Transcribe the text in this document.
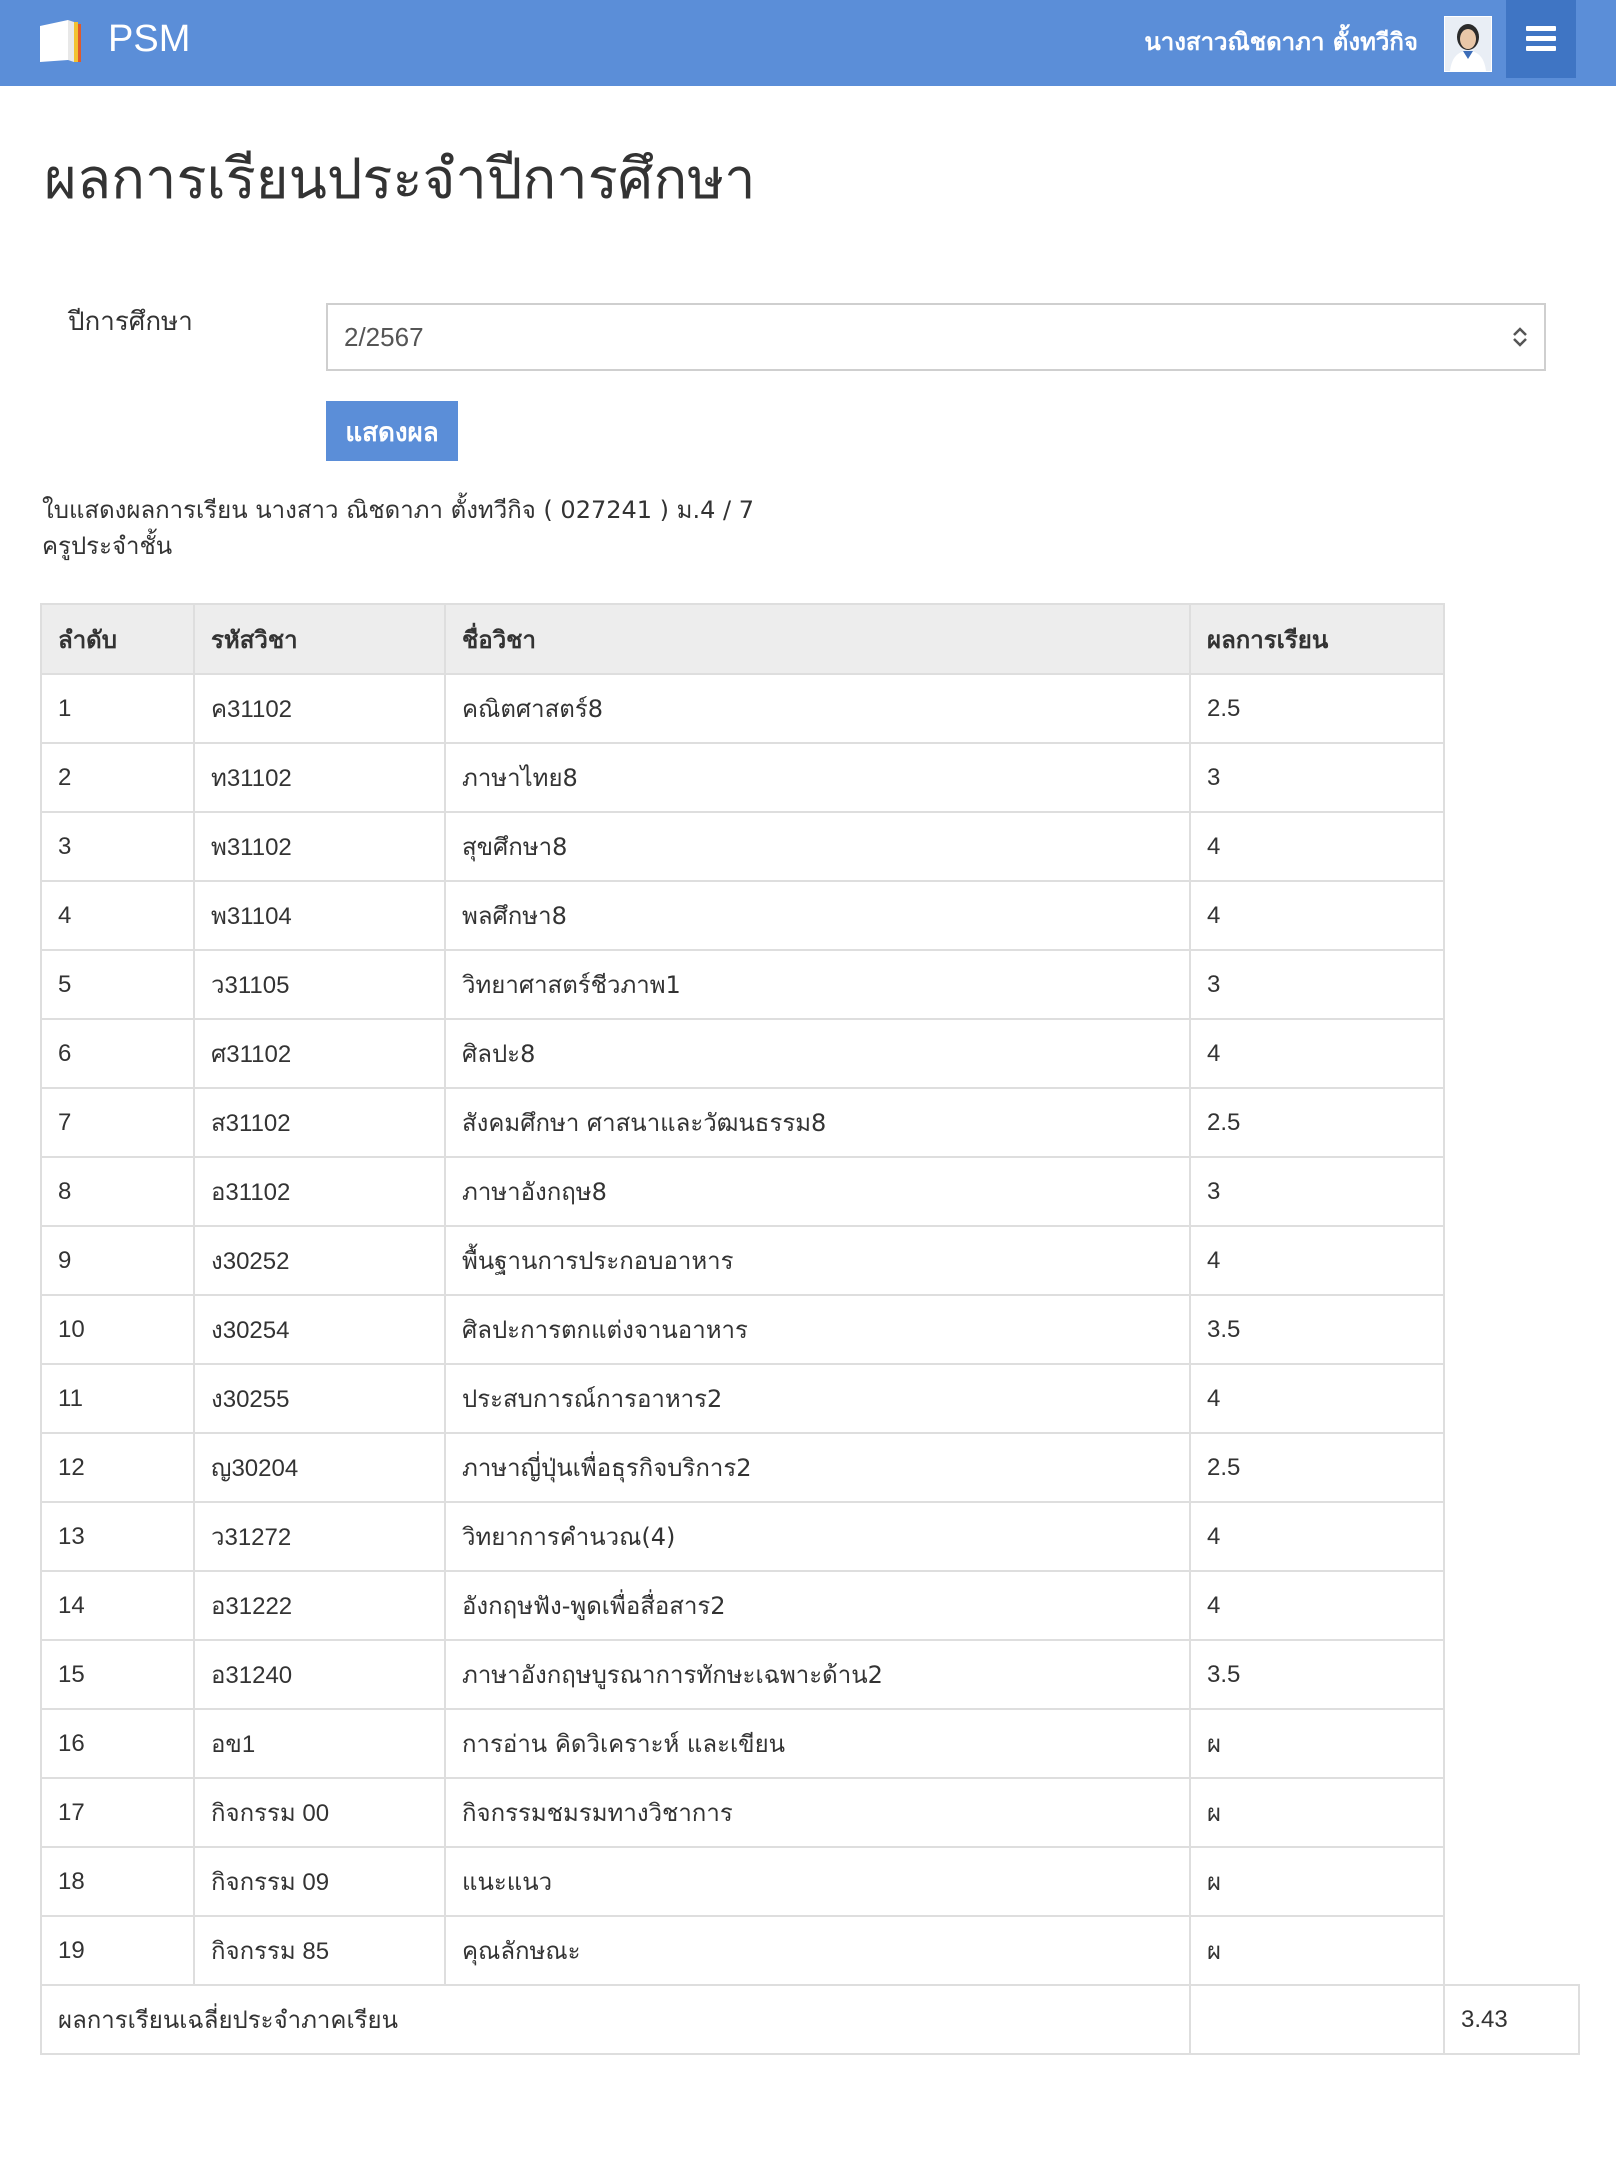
PSM	นางสาวณิชดาภา ตั้งทวีกิจ
ผลการเรียนประจำปีการศึกษา
ปีการศึกษา	2/2567
แสดงผล
ใบแสดงผลการเรียน นางสาว ณิชดาภา ตั้งทวีกิจ ( 027241 ) ม.4 / 7
ครูประจำชั้น
ลำดับ	รหัสวิชา	ชื่อวิชา	ผลการเรียน	
1	ค31102	คณิตศาสตร์8	2.5	
2	ท31102	ภาษาไทย8	3	
3	พ31102	สุขศึกษา8	4	
4	พ31104	พลศึกษา8	4	
5	ว31105	วิทยาศาสตร์ชีวภาพ1	3	
6	ศ31102	ศิลปะ8	4	
7	ส31102	สังคมศึกษา ศาสนาและวัฒนธรรม8	2.5	
8	อ31102	ภาษาอังกฤษ8	3	
9	ง30252	พื้นฐานการประกอบอาหาร	4	
10	ง30254	ศิลปะการตกแต่งจานอาหาร	3.5	
11	ง30255	ประสบการณ์การอาหาร2	4	
12	ญ30204	ภาษาญี่ปุ่นเพื่อธุรกิจบริการ2	2.5	
13	ว31272	วิทยาการคำนวณ(4)	4	
14	อ31222	อังกฤษฟัง-พูดเพื่อสื่อสาร2	4	
15	อ31240	ภาษาอังกฤษบูรณาการทักษะเฉพาะด้าน2	3.5	
16	อข1	การอ่าน คิดวิเคราะห์ และเขียน	ผ	
17	กิจกรรม 00	กิจกรรมชมรมทางวิชาการ	ผ	
18	กิจกรรม 09	แนะแนว	ผ	
19	กิจกรรม 85	คุณลักษณะ	ผ	
ผลการเรียนเฉลี่ยประจำภาคเรียน				3.43
